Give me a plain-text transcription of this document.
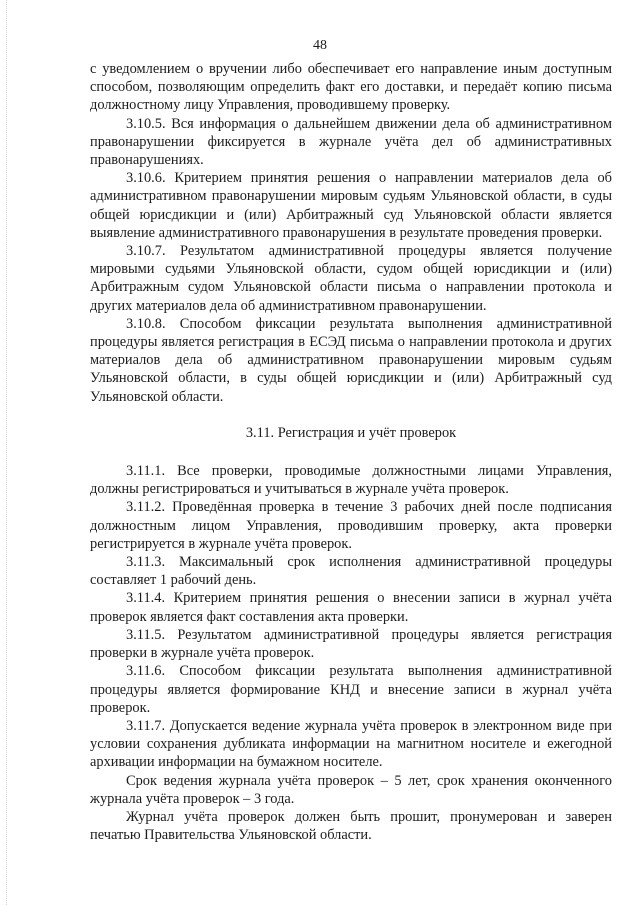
48

с уведомлением о вручении либо обеспечивает его направление иным доступным способом, позволяющим определить факт его доставки, и передаёт копию письма должностному лицу Управления, проводившему проверку.

3.10.5. Вся информация о дальнейшем движении дела об административном правонарушении фиксируется в журнале учёта дел об административных правонарушениях.

3.10.6. Критерием принятия решения о направлении материалов дела об административном правонарушении мировым судьям Ульяновской области, в суды общей юрисдикции и (или) Арбитражный суд Ульяновской области является выявление административного правонарушения в результате проведения проверки.

3.10.7. Результатом административной процедуры является получение мировыми судьями Ульяновской области, судом общей юрисдикции и (или) Арбитражным судом Ульяновской области письма о направлении протокола и других материалов дела об административном правонарушении.

3.10.8. Способом фиксации результата выполнения административной процедуры является регистрация в ЕСЭД письма о направлении протокола и других материалов дела об административном правонарушении мировым судьям Ульяновской области, в суды общей юрисдикции и (или) Арбитражный суд Ульяновской области.

3.11. Регистрация и учёт проверок

3.11.1. Все проверки, проводимые должностными лицами Управления, должны регистрироваться и учитываться в журнале учёта проверок.

3.11.2. Проведённая проверка в течение 3 рабочих дней после подписания должностным лицом Управления, проводившим проверку, акта проверки регистрируется в журнале учёта проверок.

3.11.3. Максимальный срок исполнения административной процедуры составляет 1 рабочий день.

3.11.4. Критерием принятия решения о внесении записи в журнал учёта проверок является факт составления акта проверки.

3.11.5. Результатом административной процедуры является регистрация проверки в журнале учёта проверок.

3.11.6. Способом фиксации результата выполнения административной процедуры является формирование КНД и внесение записи в журнал учёта проверок.

3.11.7. Допускается ведение журнала учёта проверок в электронном виде при условии сохранения дубликата информации на магнитном носителе и ежегодной архивации информации на бумажном носителе.

Срок ведения журнала учёта проверок – 5 лет, срок хранения оконченного журнала учёта проверок – 3 года.

Журнал учёта проверок должен быть прошит, пронумерован и заверен печатью Правительства Ульяновской области.
